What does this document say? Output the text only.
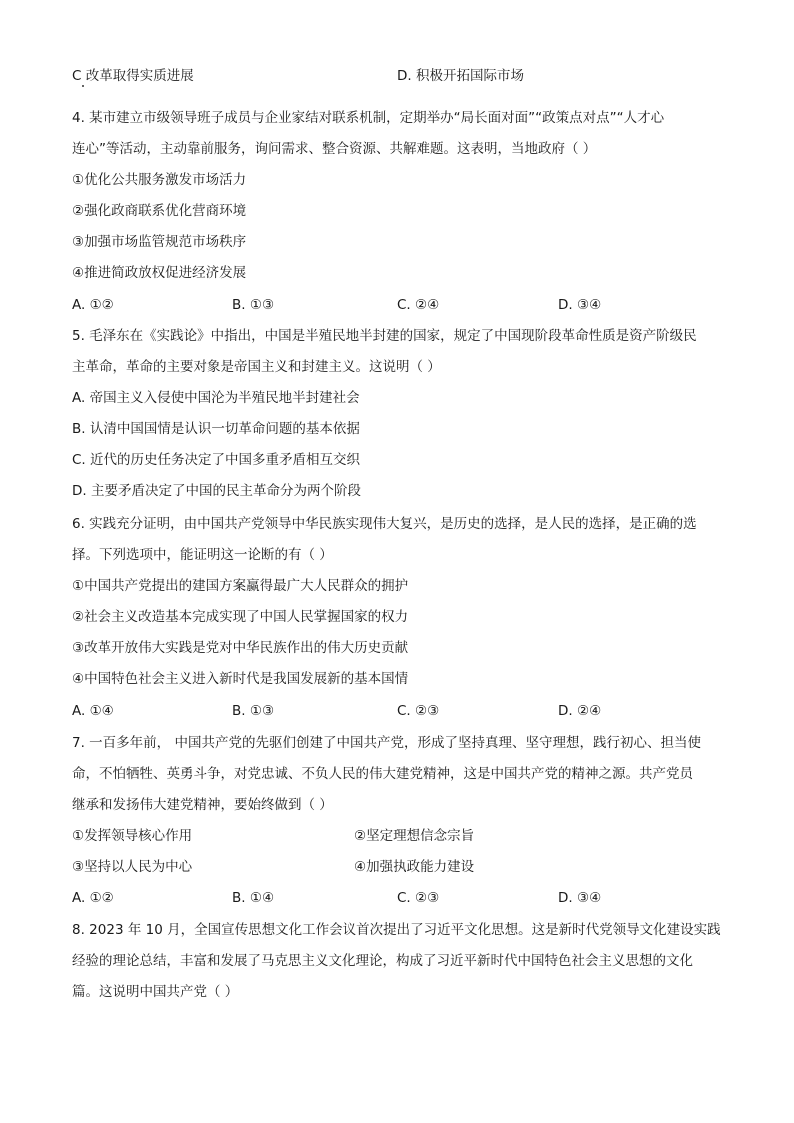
C 改革取得实质进展	D. 积极开拓国际市场
4. 某市建立市级领导班子成员与企业家结对联系机制，定期举办“局长面对面”“政策点对点”“人才心
连心”等活动，主动靠前服务，询问需求、整合资源、共解难题。这表明，当地政府（ ）
①优化公共服务激发市场活力
②强化政商联系优化营商环境
③加强市场监管规范市场秩序
④推进简政放权促进经济发展
A. ①②	B. ①③	C. ②④	D. ③④
5. 毛泽东在《实践论》中指出，中国是半殖民地半封建的国家，规定了中国现阶段革命性质是资产阶级民
主革命，革命的主要对象是帝国主义和封建主义。这说明（ ）
A. 帝国主义入侵使中国沦为半殖民地半封建社会
B. 认清中国国情是认识一切革命问题的基本依据
C. 近代的历史任务决定了中国多重矛盾相互交织
D. 主要矛盾决定了中国的民主革命分为两个阶段
6. 实践充分证明，由中国共产党领导中华民族实现伟大复兴，是历史的选择，是人民的选择，是正确的选
择。下列选项中，能证明这一论断的有（ ）
①中国共产党提出的建国方案赢得最广大人民群众的拥护
②社会主义改造基本完成实现了中国人民掌握国家的权力
③改革开放伟大实践是党对中华民族作出的伟大历史贡献
④中国特色社会主义进入新时代是我国发展新的基本国情
A. ①④	B. ①③	C. ②③	D. ②④
7. 一百多年前， 中国共产党的先驱们创建了中国共产党，形成了坚持真理、坚守理想，践行初心、担当使
命，不怕牺牲、英勇斗争，对党忠诚、不负人民的伟大建党精神，这是中国共产党的精神之源。共产党员
继承和发扬伟大建党精神，要始终做到（ ）
①发挥领导核心作用	②坚定理想信念宗旨
③坚持以人民为中心	④加强执政能力建设
A. ①②	B. ①④	C. ②③	D. ③④
8. 2023 年 10 月，全国宣传思想文化工作会议首次提出了习近平文化思想。这是新时代党领导文化建设实践
经验的理论总结，丰富和发展了马克思主义文化理论，构成了习近平新时代中国特色社会主义思想的文化
篇。这说明中国共产党（ ）
